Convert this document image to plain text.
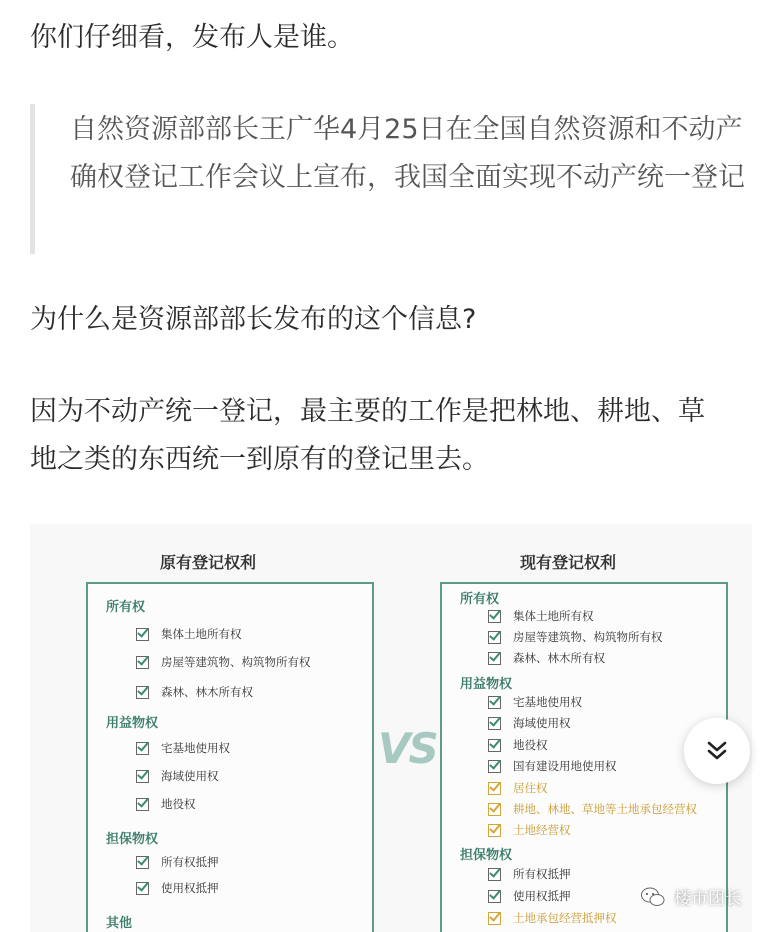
你们仔细看，发布人是谁。

自然资源部部长王广华4月25日在全国自然资源和不动产确权登记工作会议上宣布，我国全面实现不动产统一登记

为什么是资源部部长发布的这个信息?

因为不动产统一登记，最主要的工作是把林地、耕地、草地之类的东西统一到原有的登记里去。

原有登记权利
所有权
集体土地所有权
房屋等建筑物、构筑物所有权
森林、林木所有权
用益物权
宅基地使用权
海域使用权
地役权
担保物权
所有权抵押
使用权抵押
其他
VS
现有登记权利
所有权
集体土地所有权
房屋等建筑物、构筑物所有权
森林、林木所有权
用益物权
宅基地使用权
海域使用权
地役权
国有建设用地使用权
居住权
耕地、林地、草地等土地承包经营权
土地经营权
担保物权
所有权抵押
使用权抵押
土地承包经营抵押权
楼市团长
